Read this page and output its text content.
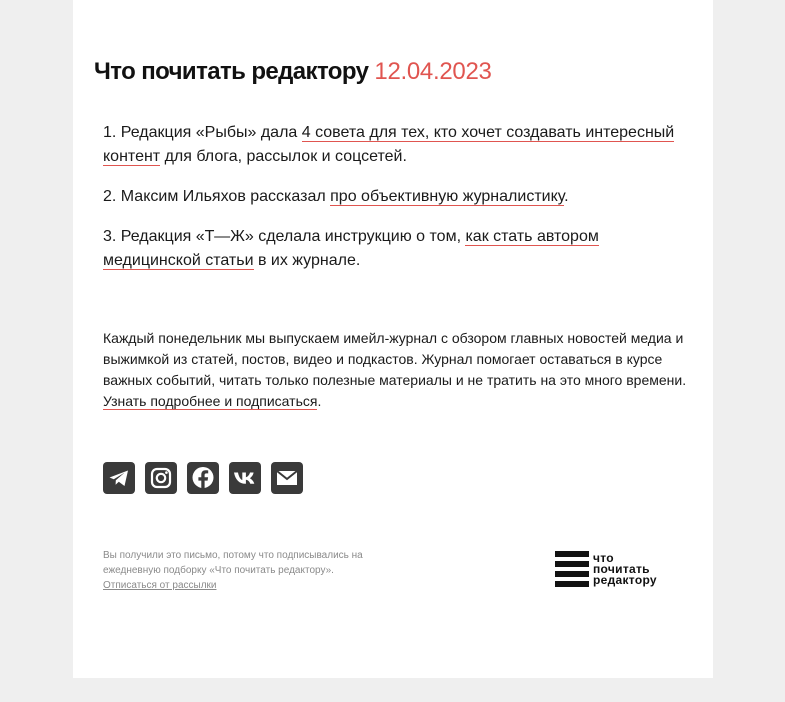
Что почитать редактору 12.04.2023

1. Редакция «Рыбы» дала 4 совета для тех, кто хочет создавать интересный контент для блога, рассылок и соцсетей.

2. Максим Ильяхов рассказал про объективную журналистику.

3. Редакция «Т—Ж» сделала инструкцию о том, как стать автором медицинской статьи в их журнале.

Каждый понедельник мы выпускаем имейл-журнал с обзором главных новостей медиа и выжимкой из статей, постов, видео и подкастов. Журнал помогает оставаться в курсе важных событий, читать только полезные материалы и не тратить на это много времени. Узнать подробнее и подписаться.

Вы получили это письмо, потому что подписывались на ежедневную подборку «Что почитать редактору».
Отписаться от рассылки

что
почитать
редактору
